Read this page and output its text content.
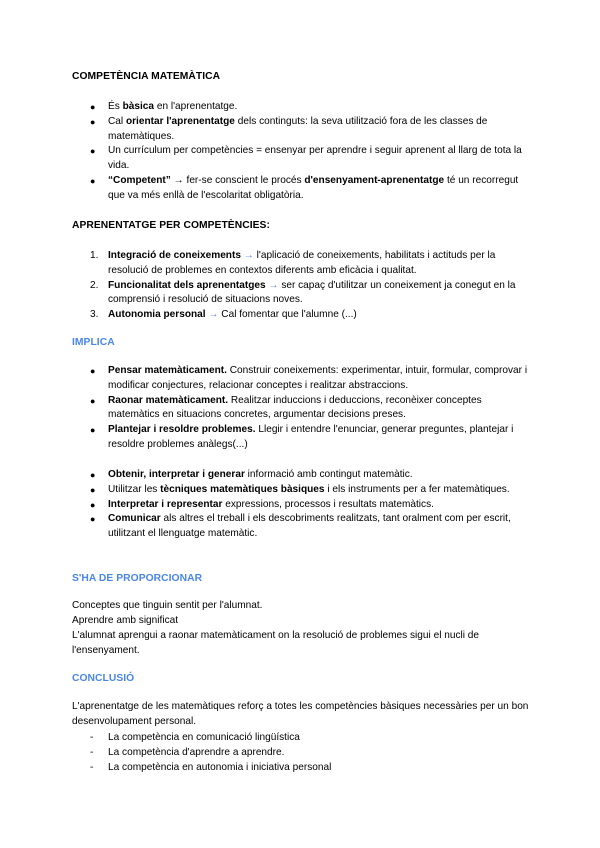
COMPETÈNCIA MATEMÀTICA
● És bàsica en l'aprenentatge.
● Cal orientar l'aprenentatge dels continguts: la seva utilització fora de les classes de matemàtiques.
● Un currículum per competències = ensenyar per aprendre i seguir aprenent al llarg de tota la vida.
● “Competent” → fer-se conscient le procés d'ensenyament-aprenentatge té un recorregut que va més enllà de l'escolaritat obligatòria.
APRENENTATGE PER COMPETÈNCIES:
1. Integració de coneixements → l'aplicació de coneixements, habilitats i actituds per la resolució de problemes en contextos diferents amb eficàcia i qualitat.
2. Funcionalitat dels aprenentatges → ser capaç d'utilitzar un coneixement ja conegut en la comprensió i resolució de situacions noves.
3. Autonomia personal → Cal fomentar que l'alumne (...)
IMPLICA
● Pensar matemàticament. Construir coneixements: experimentar, intuir, formular, comprovar i modificar conjectures, relacionar conceptes i realitzar abstraccions.
● Raonar matemàticament. Realitzar induccions i deduccions, reconèixer conceptes matemàtics en situacions concretes, argumentar decisions preses.
● Plantejar i resoldre problemes. Llegir i entendre l'enunciar, generar preguntes, plantejar i resoldre problemes anàlegs(...)
● Obtenir, interpretar i generar informació amb contingut matemàtic.
● Utilitzar les tècniques matemàtiques bàsiques i els instruments per a fer matemàtiques.
● Interpretar i representar expressions, processos i resultats matemàtics.
● Comunicar als altres el treball i els descobriments realitzats, tant oralment com per escrit, utilitzant el llenguatge matemàtic.
S'HA DE PROPORCIONAR

Conceptes que tinguin sentit per l'alumnat.

Aprendre amb significat

L'alumnat aprengui a raonar matemàticament on la resolució de problemes sigui el nucli de l'ensenyament.

CONCLUSIÓ

L'aprenentatge de les matemàtiques reforç a totes les competències bàsiques necessàries per un bon desenvolupament personal.

- La competència en comunicació lingüística
- La competència d'aprendre a aprendre.
- La competència en autonomia i iniciativa personal
